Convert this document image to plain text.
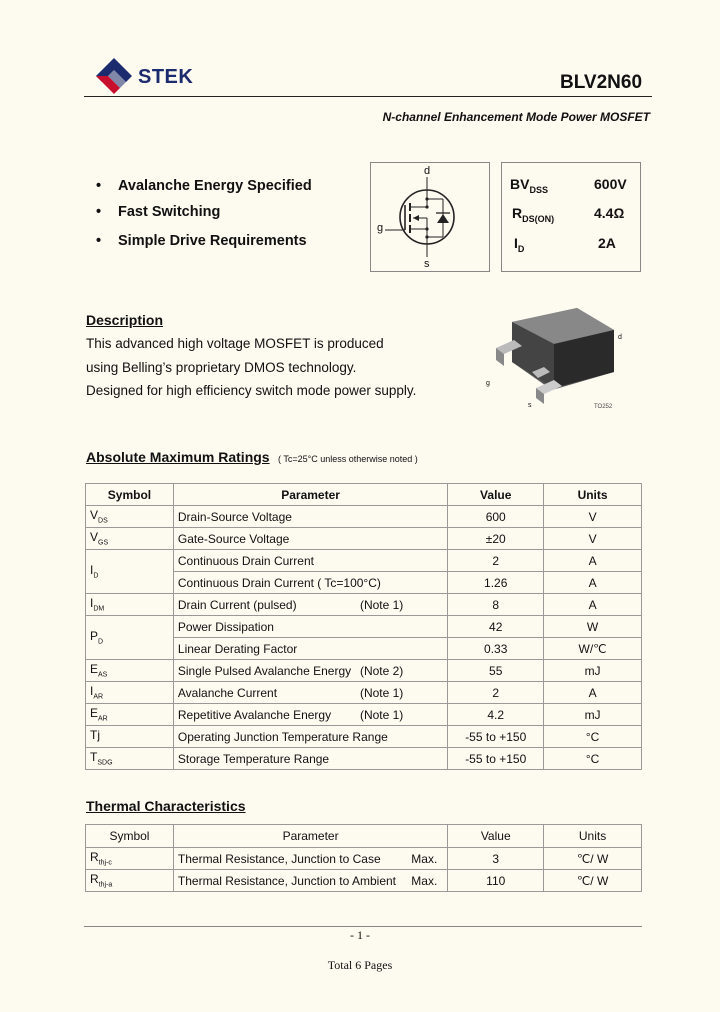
STEK	BLV2N60
N-channel Enhancement Mode Power MOSFET
• Avalanche Energy Specified
• Fast Switching
• Simple Drive Requirements
d
g
s
$BV_{DSS}$	600V
$R_{DS(ON)}$	4.4Ω
$I_D$	2A
Description
This advanced high voltage MOSFET is produced
using Belling’s proprietary DMOS technology.
Designed for high efficiency switch mode power supply.
d
g
s	TO252
Absolute Maximum Ratings ( Tc=25°C unless otherwise noted )
Symbol	Parameter	Value	Units
$V_{DS}$	Drain-Source Voltage	600	V
$V_{GS}$	Gate-Source Voltage	±20	V
$I_D$	Continuous Drain Current	2	A
	Continuous Drain Current ( Tc=100°C)	1.26	A
$I_{DM}$	Drain Current (pulsed) (Note 1)	8	A
$P_D$	Power Dissipation	42	W
	Linear Derating Factor	0.33	W/℃
$E_{AS}$	Single Pulsed Avalanche Energy (Note 2)	55	mJ
$I_{AR}$	Avalanche Current (Note 1)	2	A
$E_{AR}$	Repetitive Avalanche Energy (Note 1)	4.2	mJ
Tj	Operating Junction Temperature Range	-55 to +150	°C
$T_{SDG}$	Storage Temperature Range	-55 to +150	°C
Thermal Characteristics
Symbol	Parameter	Value	Units
$R_{thj-c}$	Thermal Resistance, Junction to Case Max.	3	℃/ W
$R_{thj-a}$	Thermal Resistance, Junction to Ambient Max.	110	℃/ W
- 1 -
Total 6 Pages
